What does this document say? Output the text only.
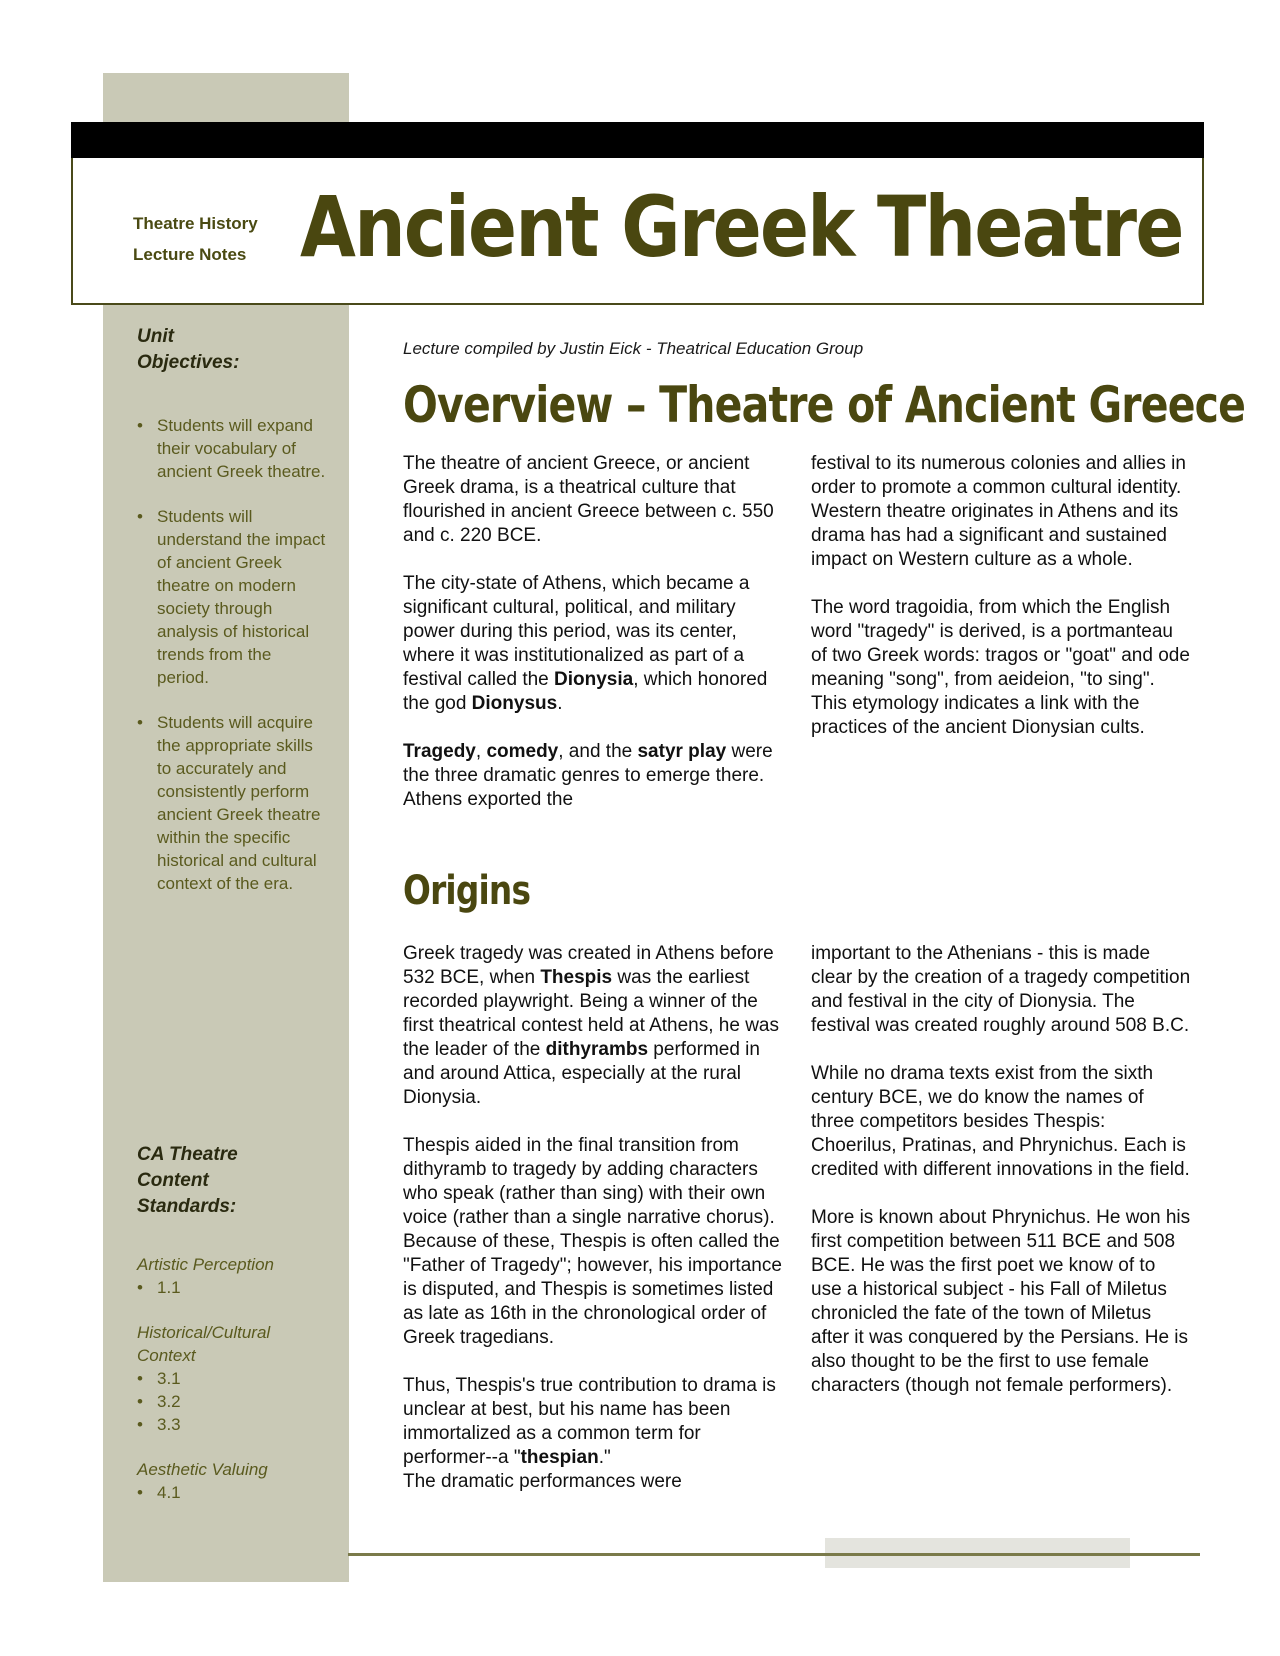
Theatre History
Lecture Notes Ancient Greek Theatre

Unit Objectives:

• Students will expand their vocabulary of ancient Greek theatre.
• Students will understand the impact of ancient Greek theatre on modern society through analysis of historical trends from the period.
• Students will acquire the appropriate skills to accurately and consistently perform ancient Greek theatre within the specific historical and cultural context of the era.

CA Theatre Content Standards:

Artistic Perception
• 1.1
Historical/Cultural Context
• 3.1
• 3.2
• 3.3
Aesthetic Valuing
• 4.1
Lecture compiled by Justin Eick - Theatrical Education Group
Overview – Theatre of Ancient Greece

The theatre of ancient Greece, or ancient Greek drama, is a theatrical culture that flourished in ancient Greece between c. 550 and c. 220 BCE.

The city-state of Athens, which became a significant cultural, political, and military power during this period, was its center, where it was institutionalized as part of a festival called the Dionysia, which honored the god Dionysus.

Tragedy, comedy, and the satyr play were the three dramatic genres to emerge there. Athens exported the

festival to its numerous colonies and allies in order to promote a common cultural identity. Western theatre originates in Athens and its drama has had a significant and sustained impact on Western culture as a whole.

The word tragoidia, from which the English word "tragedy" is derived, is a portmanteau of two Greek words: tragos or "goat" and ode meaning "song", from aeideion, "to sing". This etymology indicates a link with the practices of the ancient Dionysian cults.

Origins

Greek tragedy was created in Athens before 532 BCE, when Thespis was the earliest recorded playwright. Being a winner of the first theatrical contest held at Athens, he was the leader of the dithyrambs performed in and around Attica, especially at the rural Dionysia.

Thespis aided in the final transition from dithyramb to tragedy by adding characters who speak (rather than sing) with their own voice (rather than a single narrative chorus). Because of these, Thespis is often called the "Father of Tragedy"; however, his importance is disputed, and Thespis is sometimes listed as late as 16th in the chronological order of Greek tragedians.

Thus, Thespis's true contribution to drama is unclear at best, but his name has been immortalized as a common term for performer--a "thespian."
The dramatic performances were

important to the Athenians - this is made clear by the creation of a tragedy competition and festival in the city of Dionysia. The festival was created roughly around 508 B.C.

While no drama texts exist from the sixth century BCE, we do know the names of three competitors besides Thespis: Choerilus, Pratinas, and Phrynichus. Each is credited with different innovations in the field.

More is known about Phrynichus. He won his first competition between 511 BCE and 508 BCE. He was the first poet we know of to use a historical subject - his Fall of Miletus chronicled the fate of the town of Miletus after it was conquered by the Persians. He is also thought to be the first to use female characters (though not female performers).
